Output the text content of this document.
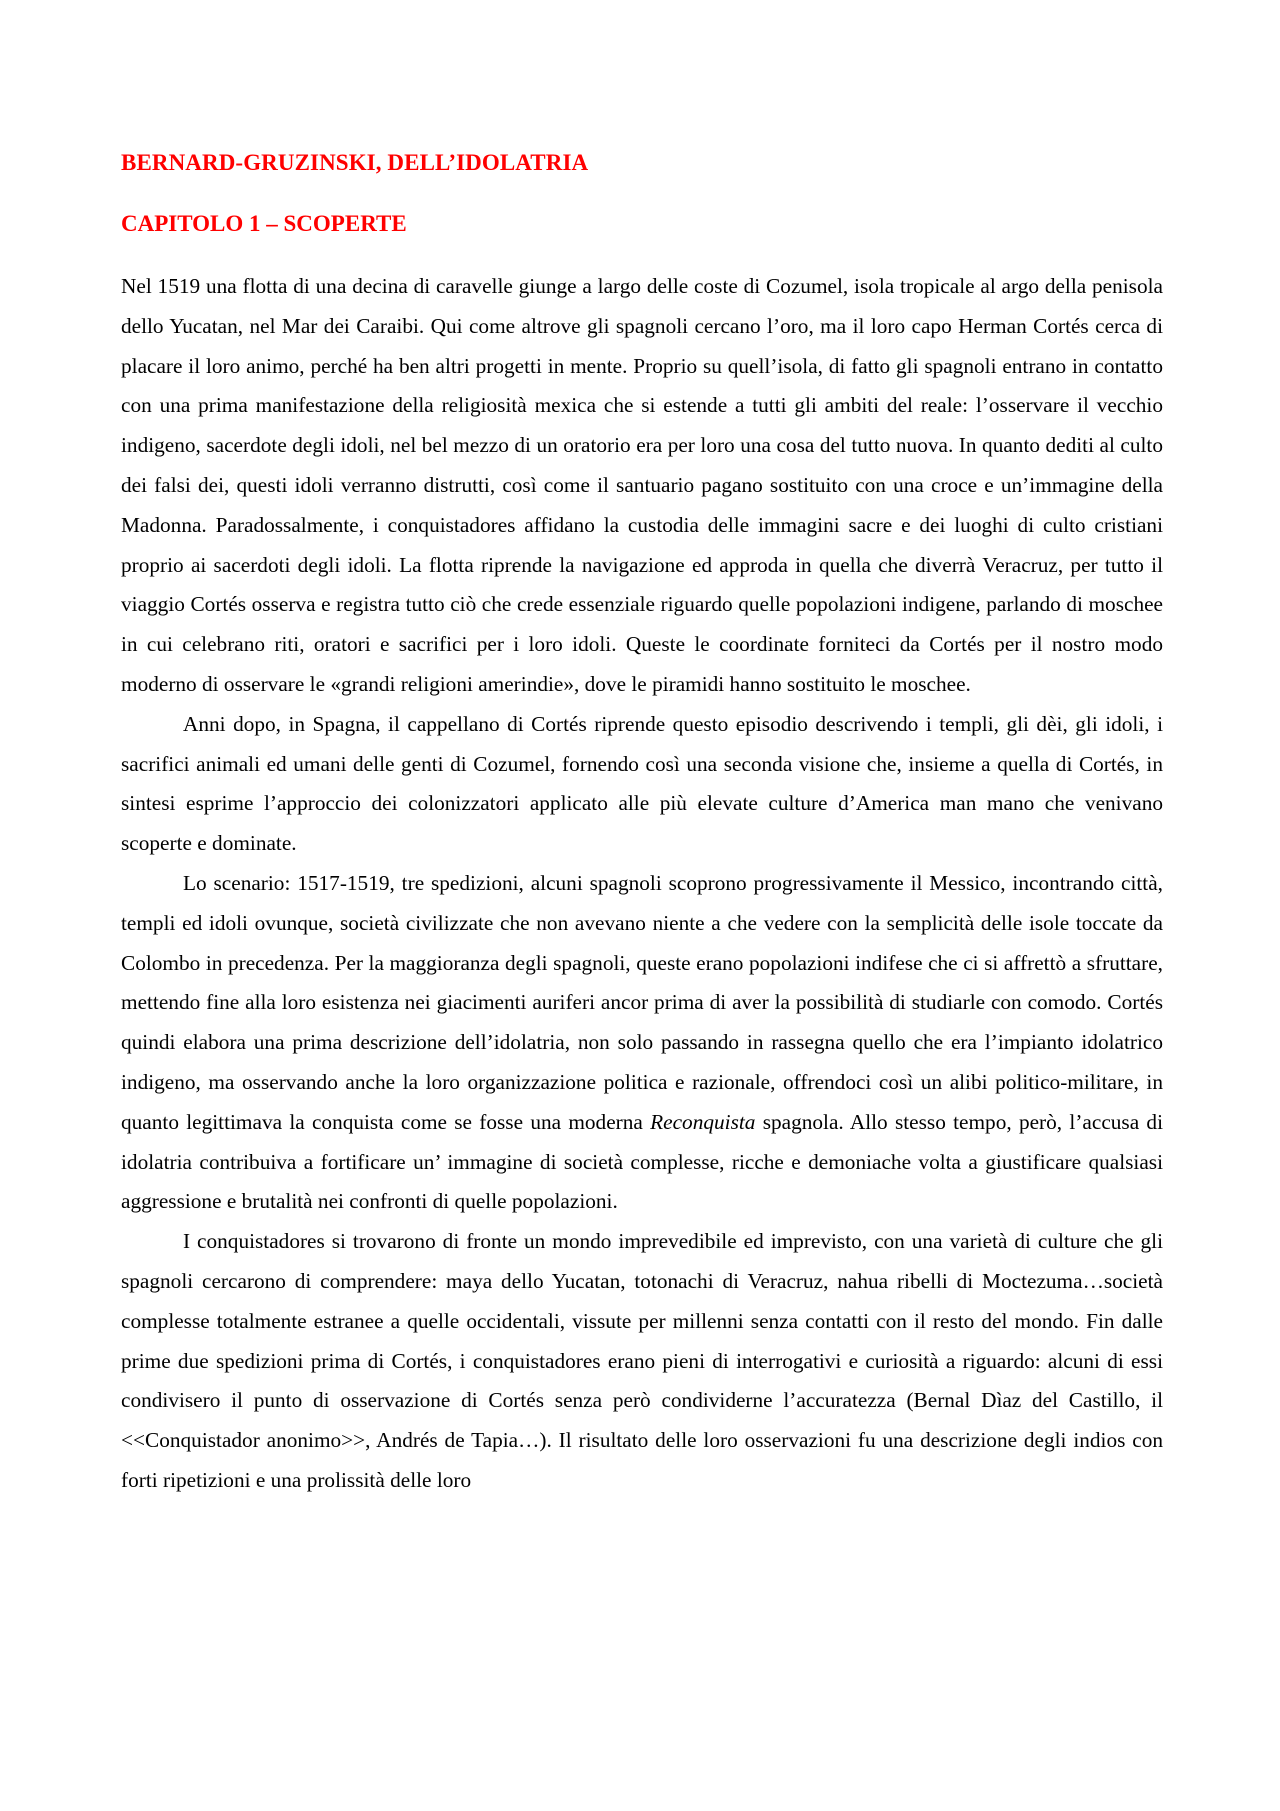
BERNARD-GRUZINSKI, DELL’IDOLATRIA
CAPITOLO 1 – SCOPERTE

Nel 1519 una flotta di una decina di caravelle giunge a largo delle coste di Cozumel, isola tropicale al argo della penisola dello Yucatan, nel Mar dei Caraibi. Qui come altrove gli spagnoli cercano l’oro, ma il loro capo Herman Cortés cerca di placare il loro animo, perché ha ben altri progetti in mente. Proprio su quell’isola, di fatto gli spagnoli entrano in contatto con una prima manifestazione della religiosità mexica che si estende a tutti gli ambiti del reale: l’osservare il vecchio indigeno, sacerdote degli idoli, nel bel mezzo di un oratorio era per loro una cosa del tutto nuova. In quanto dediti al culto dei falsi dei, questi idoli verranno distrutti, così come il santuario pagano sostituito con una croce e un’immagine della Madonna. Paradossalmente, i conquistadores affidano la custodia delle immagini sacre e dei luoghi di culto cristiani proprio ai sacerdoti degli idoli. La flotta riprende la navigazione ed approda in quella che diverrà Veracruz, per tutto il viaggio Cortés osserva e registra tutto ciò che crede essenziale riguardo quelle popolazioni indigene, parlando di moschee in cui celebrano riti, oratori e sacrifici per i loro idoli. Queste le coordinate forniteci da Cortés per il nostro modo moderno di osservare le «grandi religioni amerindie», dove le piramidi hanno sostituito le moschee.

Anni dopo, in Spagna, il cappellano di Cortés riprende questo episodio descrivendo i templi, gli dèi, gli idoli, i sacrifici animali ed umani delle genti di Cozumel, fornendo così una seconda visione che, insieme a quella di Cortés, in sintesi esprime l’approccio dei colonizzatori applicato alle più elevate culture d’America man mano che venivano scoperte e dominate.

Lo scenario: 1517-1519, tre spedizioni, alcuni spagnoli scoprono progressivamente il Messico, incontrando città, templi ed idoli ovunque, società civilizzate che non avevano niente a che vedere con la semplicità delle isole toccate da Colombo in precedenza. Per la maggioranza degli spagnoli, queste erano popolazioni indifese che ci si affrettò a sfruttare, mettendo fine alla loro esistenza nei giacimenti auriferi ancor prima di aver la possibilità di studiarle con comodo. Cortés quindi elabora una prima descrizione dell’idolatria, non solo passando in rassegna quello che era l’impianto idolatrico indigeno, ma osservando anche la loro organizzazione politica e razionale, offrendoci così un alibi politico-militare, in quanto legittimava la conquista come se fosse una moderna Reconquista spagnola. Allo stesso tempo, però, l’accusa di idolatria contribuiva a fortificare un’ immagine di società complesse, ricche e demoniache volta a giustificare qualsiasi aggressione e brutalità nei confronti di quelle popolazioni.

I conquistadores si trovarono di fronte un mondo imprevedibile ed imprevisto, con una varietà di culture che gli spagnoli cercarono di comprendere: maya dello Yucatan, totonachi di Veracruz, nahua ribelli di Moctezuma…società complesse totalmente estranee a quelle occidentali, vissute per millenni senza contatti con il resto del mondo. Fin dalle prime due spedizioni prima di Cortés, i conquistadores erano pieni di interrogativi e curiosità a riguardo: alcuni di essi condivisero il punto di osservazione di Cortés senza però condividerne l’accuratezza (Bernal Dìaz del Castillo, il <<Conquistador anonimo>>, Andrés de Tapia…). Il risultato delle loro osservazioni fu una descrizione degli indios con forti ripetizioni e una prolissità delle loro
